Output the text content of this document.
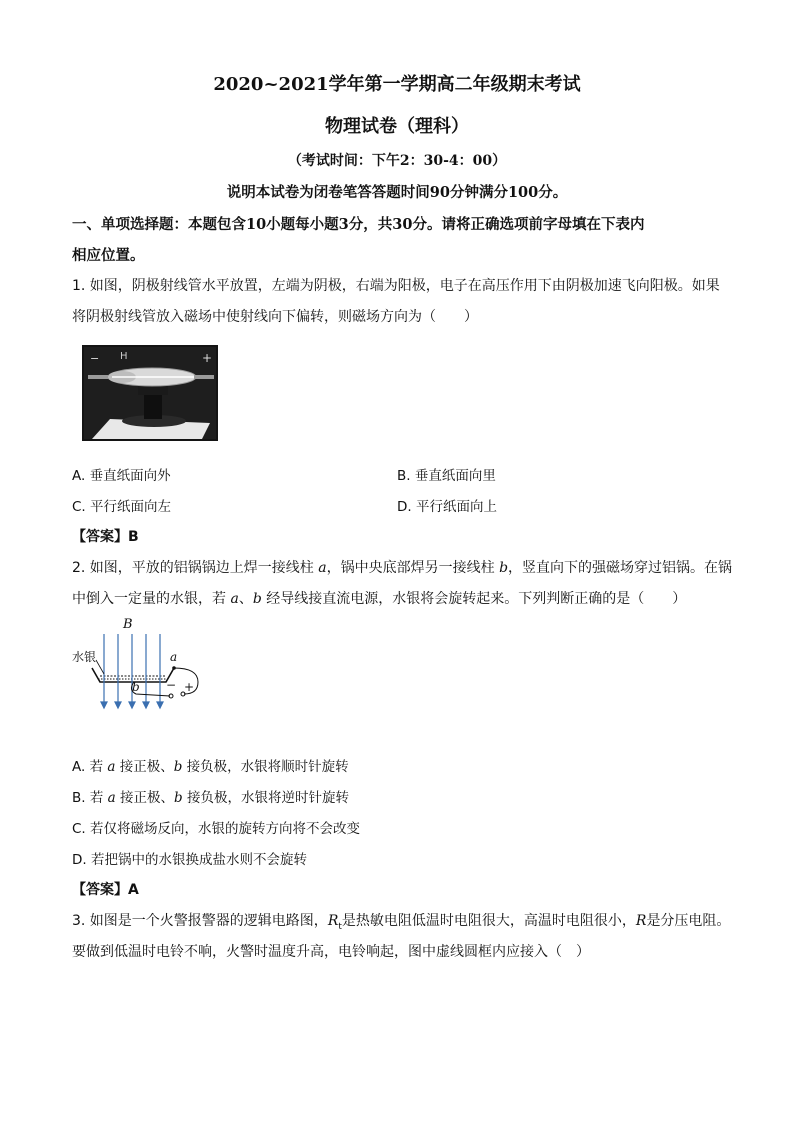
2020~2021学年第一学期高二年级期末考试
物理试卷（理科）
（考试时间：下午2：30-4：00）
说明本试卷为闭卷笔答答题时间90分钟满分100分。
一、单项选择题：本题包含10小题每小题3分，共30分。请将正确选项前字母填在下表内
相应位置。
1. 如图，阴极射线管水平放置，左端为阴极，右端为阳极，电子在高压作用下由阴极加速飞向阳极。如果
将阴极射线管放入磁场中使射线向下偏转，则磁场方向为（　　）
− H	+
A. 垂直纸面向外	B. 垂直纸面向里
C. 平行纸面向左	D. 平行纸面向上
【答案】B
2. 如图，平放的铝锅锅边上焊一接线柱 a，锅中央底部焊另一接线柱 b，竖直向下的强磁场穿过铝锅。在锅
中倒入一定量的水银，若 a、b 经导线接直流电源，水银将会旋转起来。下列判断正确的是（　　）
B
水银	a
b − +
A. 若 a 接正极、b 接负极，水银将顺时针旋转
B. 若 a 接正极、b 接负极，水银将逆时针旋转
C. 若仅将磁场反向，水银的旋转方向将不会改变
D. 若把锅中的水银换成盐水则不会旋转
【答案】A
3. 如图是一个火警报警器的逻辑电路图，$R_t$是热敏电阻低温时电阻很大，高温时电阻很小，R是分压电阻。
要做到低温时电铃不响，火警时温度升高，电铃响起，图中虚线圆框内应接入（　）
